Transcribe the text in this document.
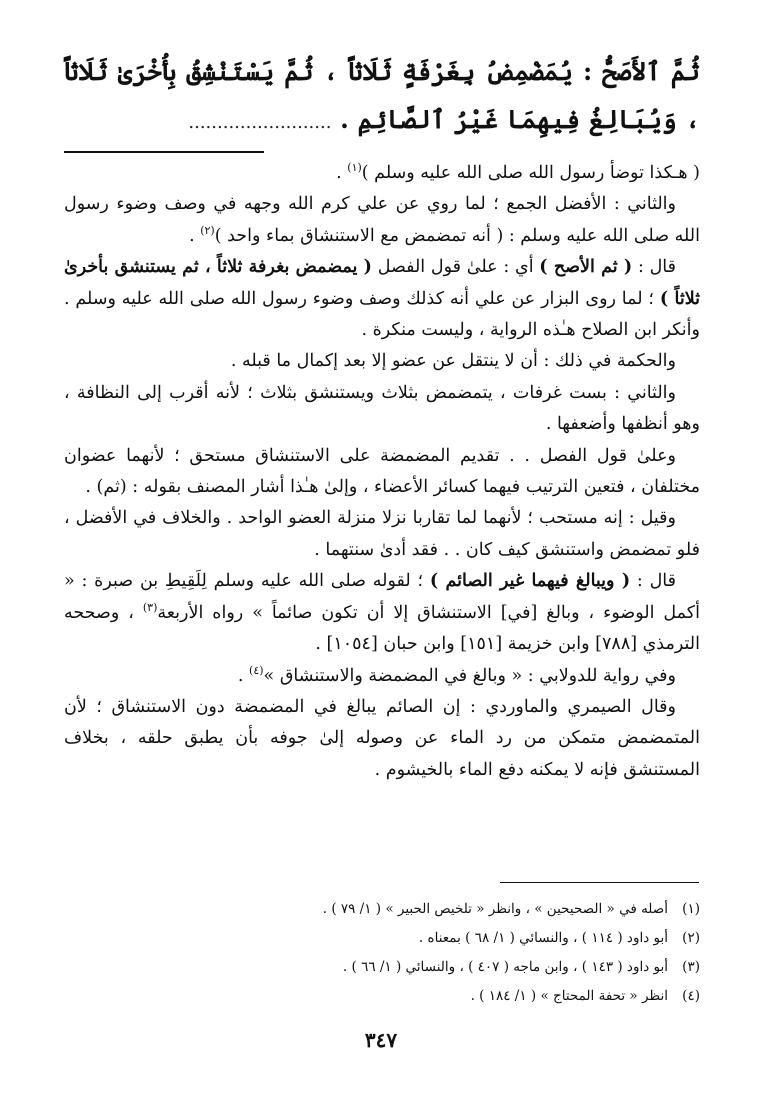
ثُمَّ ٱلأَصَحُّ : يُمَضْمِضُ بِغَرْفَةٍ ثَلَاثاً ، ثُمَّ يَسْتَنْشِقُ بِأُخْرَىٰ ثَلَاثاً ، وَيُبَالِغُ فِيهِمَا غَيْرُ ٱلصَّائِمِ . .........................

( هـكذا توضأ رسول الله صلى الله عليه وسلم )$^{(١)}$ .

والثاني : الأفضل الجمع ؛ لما روي عن علي كرم الله وجهه في وصف وضوء رسول الله صلى الله عليه وسلم : ( أنه تمضمض مع الاستنشاق بماء واحد )$^{(٢)}$ .

قال : ( ثم الأصح ) أي : علىٰ قول الفصل ( يمضمض بغرفة ثلاثاً ، ثم يستنشق بأخرىٰ ثلاثاً ) ؛ لما روى البزار عن علي أنه كذلك وصف وضوء رسول الله صلى الله عليه وسلم . وأنكر ابن الصلاح هـٰذه الرواية ، وليست منكرة .

والحكمة في ذلك : أن لا ينتقل عن عضو إلا بعد إكمال ما قبله .

والثاني : بست غرفات ، يتمضمض بثلاث ويستنشق بثلاث ؛ لأنه أقرب إلى النظافة ، وهو أنظفها وأضعفها .

وعلىٰ قول الفصل . . تقديم المضمضة على الاستنشاق مستحق ؛ لأنهما عضوان مختلفان ، فتعين الترتيب فيهما كسائر الأعضاء ، وإلىٰ هـٰذا أشار المصنف بقوله : (ثم) .

وقيل : إنه مستحب ؛ لأنهما لما تقاربا نزلا منزلة العضو الواحد . والخلاف في الأفضل ، فلو تمضمض واستنشق كيف كان . . فقد أدىٰ سنتهما .

قال : ( ويبالغ فيهما غير الصائم ) ؛ لقوله صلى الله عليه وسلم لِلَقِيطِ بن صبرة : « أكمل الوضوء ، وبالغ [في] الاستنشاق إلا أن تكون صائماً » رواه الأربعة$^{(٣)}$ ، وصححه الترمذي [٧٨٨] وابن خزيمة [١٥١] وابن حبان [١٠٥٤] .

وفي رواية للدولابي : « وبالغ في المضمضة والاستنشاق »$^{(٤)}$ .

وقال الصيمري والماوردي : إن الصائم يبالغ في المضمضة دون الاستنشاق ؛ لأن المتمضمض متمكن من رد الماء عن وصوله إلىٰ جوفه بأن يطبق حلقه ، بخلاف المستنشق فإنه لا يمكنه دفع الماء بالخيشوم .

(١)أصله في « الصحيحين » ، وانظر « تلخيص الحبير » ( ١/ ٧٩ ) .
(٢)أبو داود ( ١١٤ ) ، والنسائي ( ١/ ٦٨ ) بمعناه .
(٣)أبو داود ( ١٤٣ ) ، وابن ماجه ( ٤٠٧ ) ، والنسائي ( ١/ ٦٦ ) .
(٤)انظر « تحفة المحتاج » ( ١/ ١٨٤ ) .
٣٤٧
